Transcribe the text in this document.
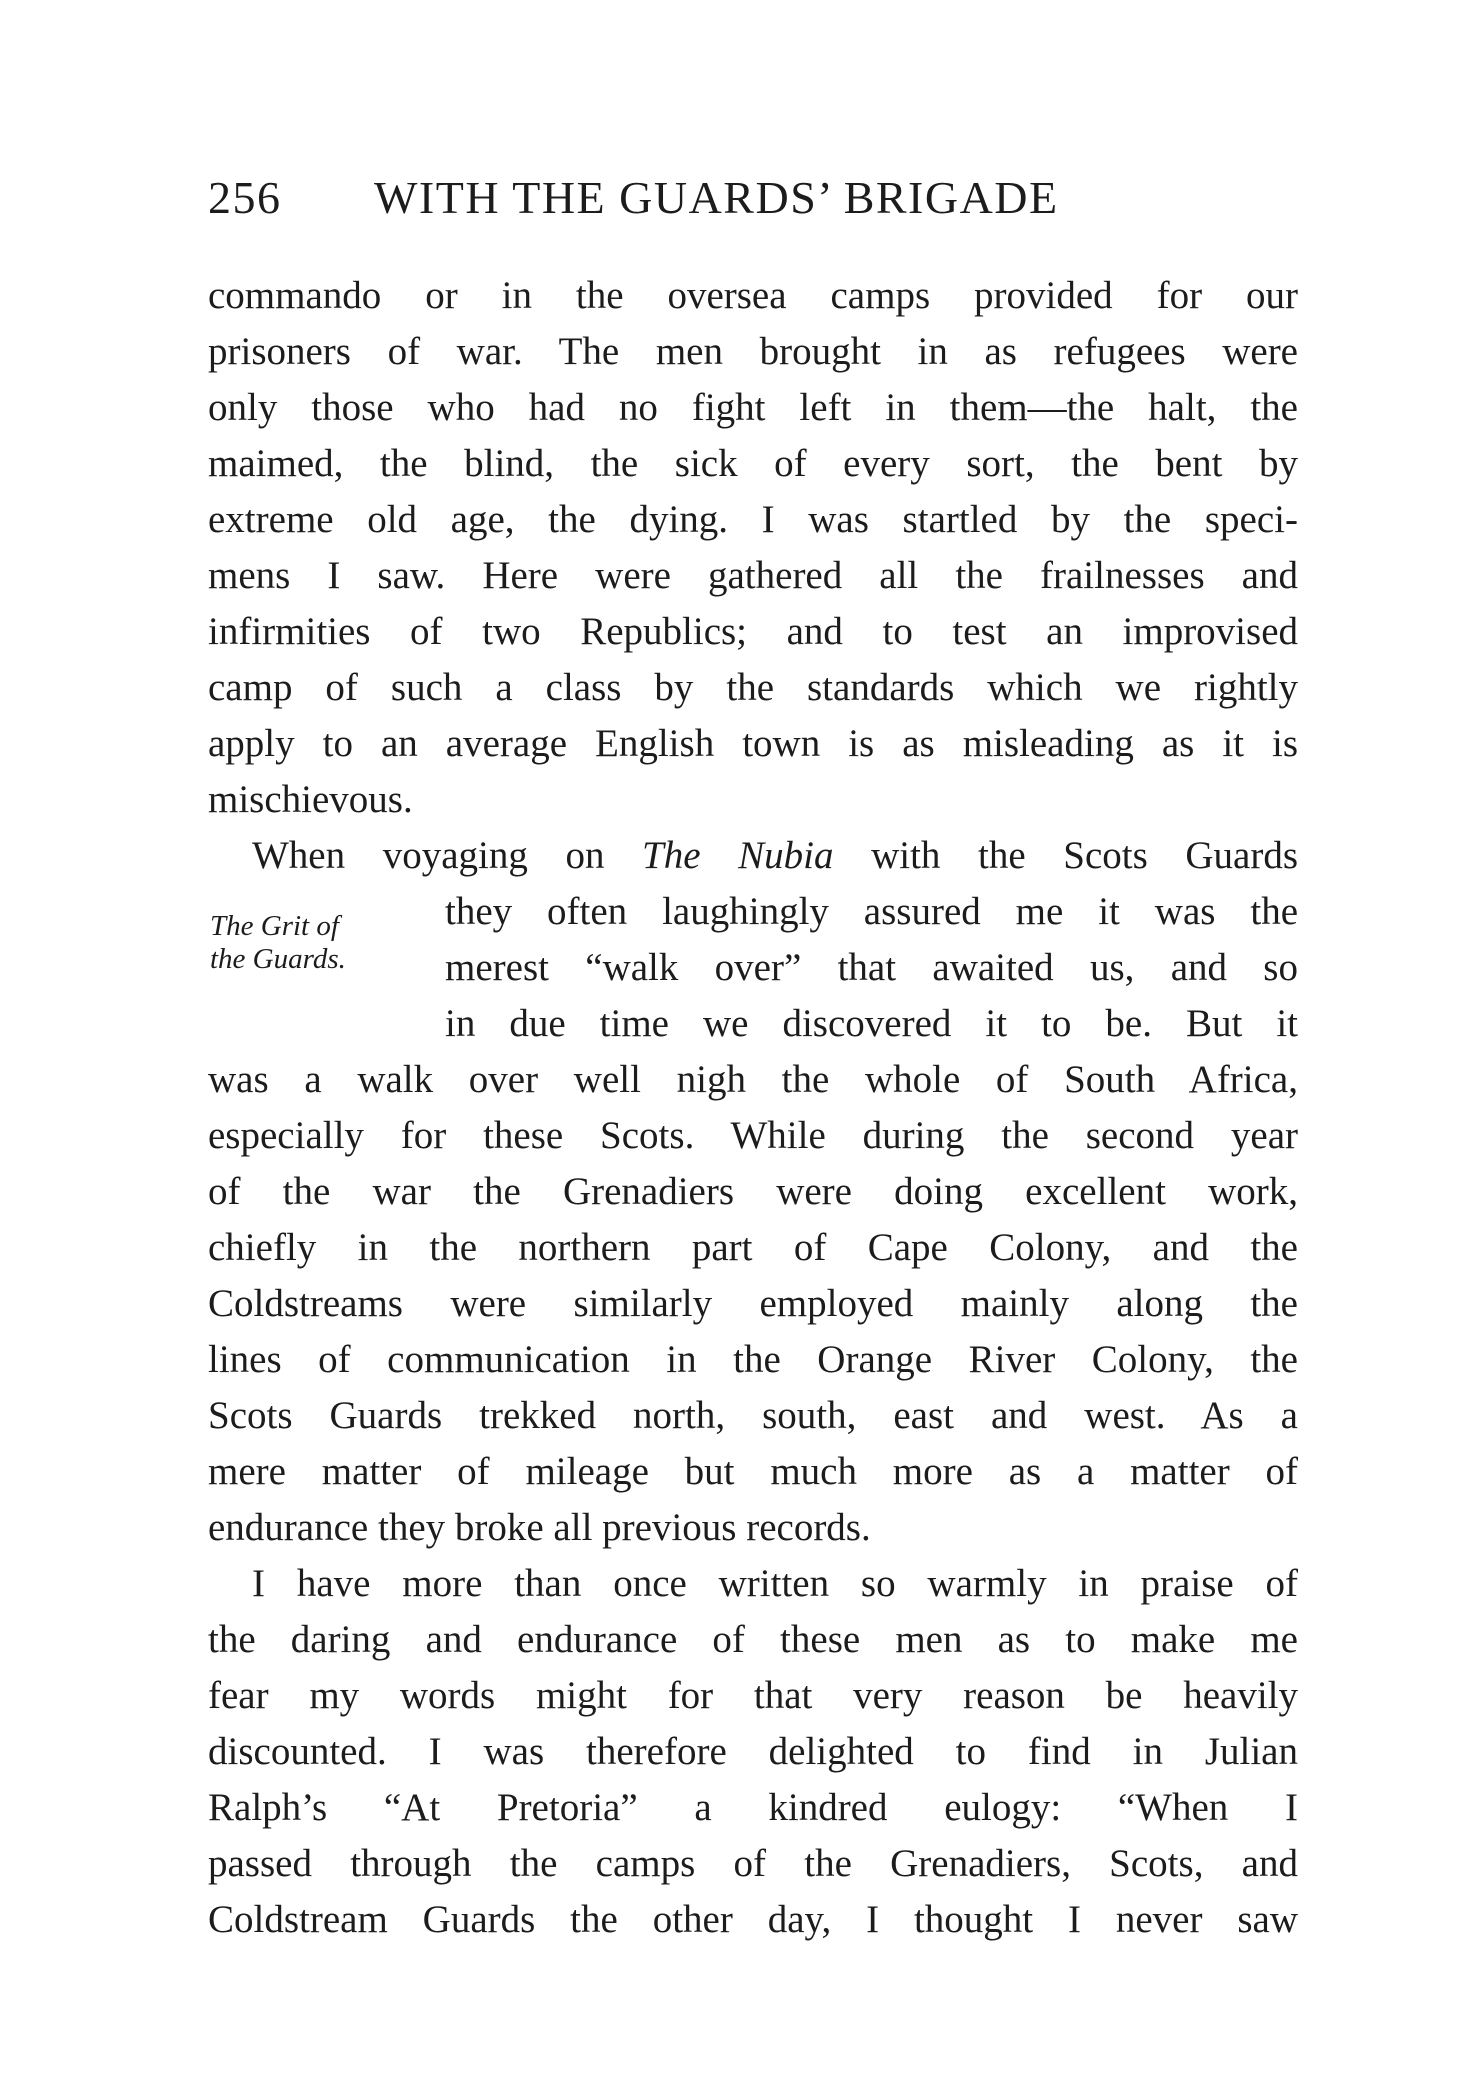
256 WITH THE GUARDS’ BRIGADE
commando or in the oversea camps provided for our
prisoners of war. The men brought in as refugees were
only those who had no fight left in them—the halt, the
maimed, the blind, the sick of every sort, the bent by
extreme old age, the dying. I was startled by the speci-
mens I saw. Here were gathered all the frailnesses and
infirmities of two Republics; and to test an improvised
camp of such a class by the standards which we rightly
apply to an average English town is as misleading as it is
mischievous.
When voyaging on The Nubia with the Scots Guards
The Grit of
the Guards.
they often laughingly assured me it was the
merest “walk over” that awaited us, and so
in due time we discovered it to be. But it
was a walk over well nigh the whole of South Africa,
especially for these Scots. While during the second year
of the war the Grenadiers were doing excellent work,
chiefly in the northern part of Cape Colony, and the
Coldstreams were similarly employed mainly along the
lines of communication in the Orange River Colony, the
Scots Guards trekked north, south, east and west. As a
mere matter of mileage but much more as a matter of
endurance they broke all previous records.
I have more than once written so warmly in praise of
the daring and endurance of these men as to make me
fear my words might for that very reason be heavily
discounted. I was therefore delighted to find in Julian
Ralph’s “At Pretoria” a kindred eulogy: “When I
passed through the camps of the Grenadiers, Scots, and
Coldstream Guards the other day, I thought I never saw
